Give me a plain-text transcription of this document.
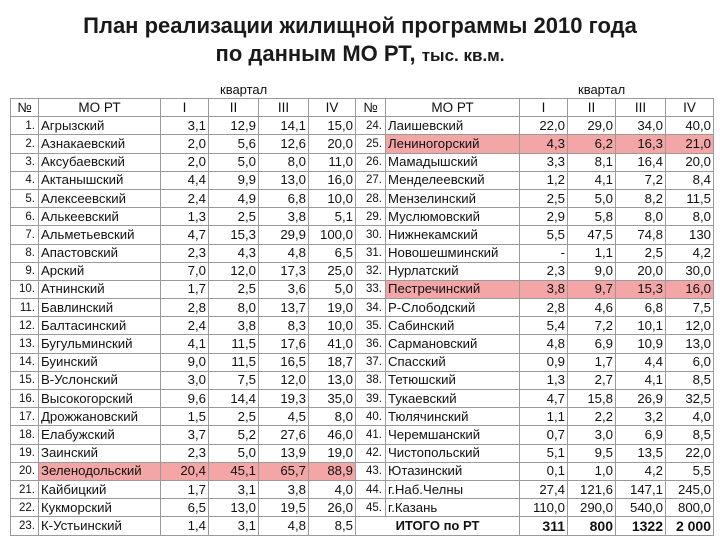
План реализации жилищной программы 2010 года
по данным МО РТ, тыс. кв.м.
квартал	квартал
№	МО РТ	I	II	III	IV
1.	Агрызский	3,1	12,9	14,1	15,0
2.	Азнакаевский	2,0	5,6	12,6	20,0
3.	Аксубаевский	2,0	5,0	8,0	11,0
4.	Актанышский	4,4	9,9	13,0	16,0
5.	Алексеевский	2,4	4,9	6,8	10,0
6.	Алькеевский	1,3	2,5	3,8	5,1
7.	Альметьевский	4,7	15,3	29,9	100,0
8.	Апастовский	2,3	4,3	4,8	6,5
9.	Арский	7,0	12,0	17,3	25,0
10.	Атнинский	1,7	2,5	3,6	5,0
11.	Бавлинский	2,8	8,0	13,7	19,0
12.	Балтасинский	2,4	3,8	8,3	10,0
13.	Бугульминский	4,1	11,5	17,6	41,0
14.	Буинский	9,0	11,5	16,5	18,7
15.	В-Услонский	3,0	7,5	12,0	13,0
16.	Высокогорский	9,6	14,4	19,3	35,0
17.	Дрожжановский	1,5	2,5	4,5	8,0
18.	Елабужский	3,7	5,2	27,6	46,0
19.	Заинский	2,3	5,0	13,9	19,0
20.	Зеленодольский	20,4	45,1	65,7	88,9
21.	Кайбицкий	1,7	3,1	3,8	4,0
22.	Кукморский	6,5	13,0	19,5	26,0
23.	К-Устьинский	1,4	3,1	4,8	8,5
№	МО РТ	I	II	III	IV
24.	Лаишевский	22,0	29,0	34,0	40,0
25.	Лениногорский	4,3	6,2	16,3	21,0
26.	Мамадышский	3,3	8,1	16,4	20,0
27.	Менделеевский	1,2	4,1	7,2	8,4
28.	Мензелинский	2,5	5,0	8,2	11,5
29.	Муслюмовский	2,9	5,8	8,0	8,0
30.	Нижнекамский	5,5	47,5	74,8	130
31.	Новошешминский	-	1,1	2,5	4,2
32.	Нурлатский	2,3	9,0	20,0	30,0
33.	Пестречинский	3,8	9,7	15,3	16,0
34.	Р-Слободский	2,8	4,6	6,8	7,5
35.	Сабинский	5,4	7,2	10,1	12,0
36.	Сармановский	4,8	6,9	10,9	13,0
37.	Спасский	0,9	1,7	4,4	6,0
38.	Тетюшский	1,3	2,7	4,1	8,5
39.	Тукаевский	4,7	15,8	26,9	32,5
40.	Тюлячинский	1,1	2,2	3,2	4,0
41.	Черемшанский	0,7	3,0	6,9	8,5
42.	Чистопольский	5,1	9,5	13,5	22,0
43.	Ютазинский	0,1	1,0	4,2	5,5
44.	г.Наб.Челны	27,4	121,6	147,1	245,0
45.	г.Казань	110,0	290,0	540,0	800,0
ИТОГО по РТ		311	800	1322	2 000
